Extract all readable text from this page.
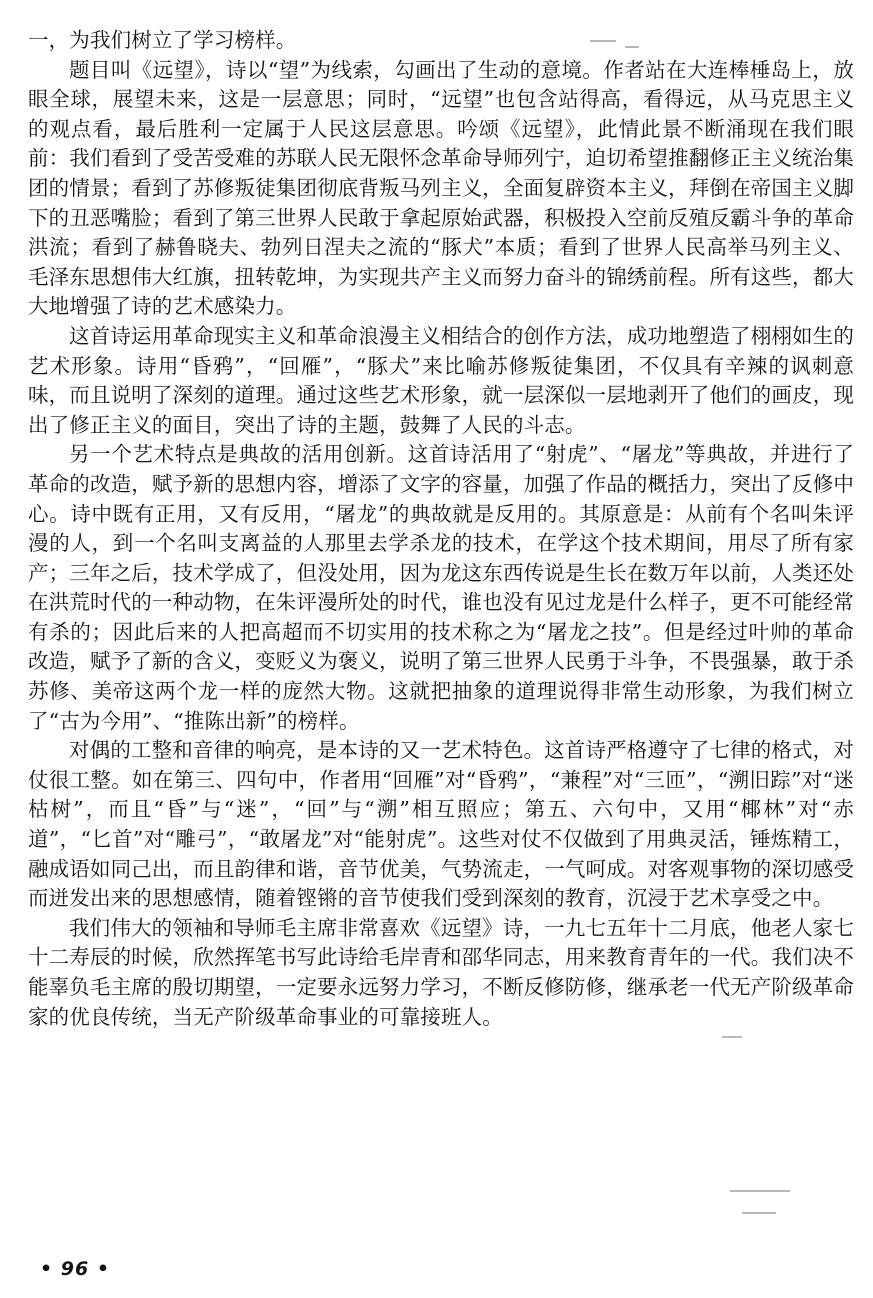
一，为我们树立了学习榜样。

题目叫《远望》，诗以“望”为线索，勾画出了生动的意境。作者站在大连棒棰岛上，放眼全球，展望未来，这是一层意思；同时，“远望”也包含站得高，看得远，从马克思主义的观点看，最后胜利一定属于人民这层意思。吟颂《远望》，此情此景不断涌现在我们眼前：我们看到了受苦受难的苏联人民无限怀念革命导师列宁，迫切希望推翻修正主义统治集团的情景；看到了苏修叛徒集团彻底背叛马列主义，全面复辟资本主义，拜倒在帝国主义脚下的丑恶嘴脸；看到了第三世界人民敢于拿起原始武器，积极投入空前反殖反霸斗争的革命洪流；看到了赫鲁晓夫、勃列日涅夫之流的“豚犬”本质；看到了世界人民高举马列主义、毛泽东思想伟大红旗，扭转乾坤，为实现共产主义而努力奋斗的锦绣前程。所有这些，都大大地增强了诗的艺术感染力。

这首诗运用革命现实主义和革命浪漫主义相结合的创作方法，成功地塑造了栩栩如生的艺术形象。诗用“昏鸦”，“回雁”，“豚犬”来比喻苏修叛徒集团，不仅具有辛辣的讽刺意味，而且说明了深刻的道理。通过这些艺术形象，就一层深似一层地剥开了他们的画皮，现出了修正主义的面目，突出了诗的主题，鼓舞了人民的斗志。

另一个艺术特点是典故的活用创新。这首诗活用了“射虎”、“屠龙”等典故，并进行了革命的改造，赋予新的思想内容，增添了文字的容量，加强了作品的概括力，突出了反修中心。诗中既有正用，又有反用，“屠龙”的典故就是反用的。其原意是：从前有个名叫朱评漫的人，到一个名叫支离益的人那里去学杀龙的技术，在学这个技术期间，用尽了所有家产；三年之后，技术学成了，但没处用，因为龙这东西传说是生长在数万年以前，人类还处在洪荒时代的一种动物，在朱评漫所处的时代，谁也没有见过龙是什么样子，更不可能经常有杀的；因此后来的人把高超而不切实用的技术称之为“屠龙之技”。但是经过叶帅的革命改造，赋予了新的含义，变贬义为褒义，说明了第三世界人民勇于斗争，不畏强暴，敢于杀苏修、美帝这两个龙一样的庞然大物。这就把抽象的道理说得非常生动形象，为我们树立了“古为今用”、“推陈出新”的榜样。

对偶的工整和音律的响亮，是本诗的又一艺术特色。这首诗严格遵守了七律的格式，对仗很工整。如在第三、四句中，作者用“回雁”对“昏鸦”，“兼程”对“三匝”，“溯旧踪”对“迷枯树”，而且“昏”与“迷”，“回”与“溯”相互照应；第五、六句中，又用“椰林”对“赤道”，“匕首”对“雕弓”，“敢屠龙”对“能射虎”。这些对仗不仅做到了用典灵活，锤炼精工，融成语如同己出，而且韵律和谐，音节优美，气势流走，一气呵成。对客观事物的深切感受而迸发出来的思想感情，随着铿锵的音节使我们受到深刻的教育，沉浸于艺术享受之中。

我们伟大的领袖和导师毛主席非常喜欢《远望》诗，一九七五年十二月底，他老人家七十二寿辰的时候，欣然挥笔书写此诗给毛岸青和邵华同志，用来教育青年的一代。我们决不能辜负毛主席的殷切期望，一定要永远努力学习，不断反修防修，继承老一代无产阶级革命家的优良传统，当无产阶级革命事业的可靠接班人。

• 96 •
